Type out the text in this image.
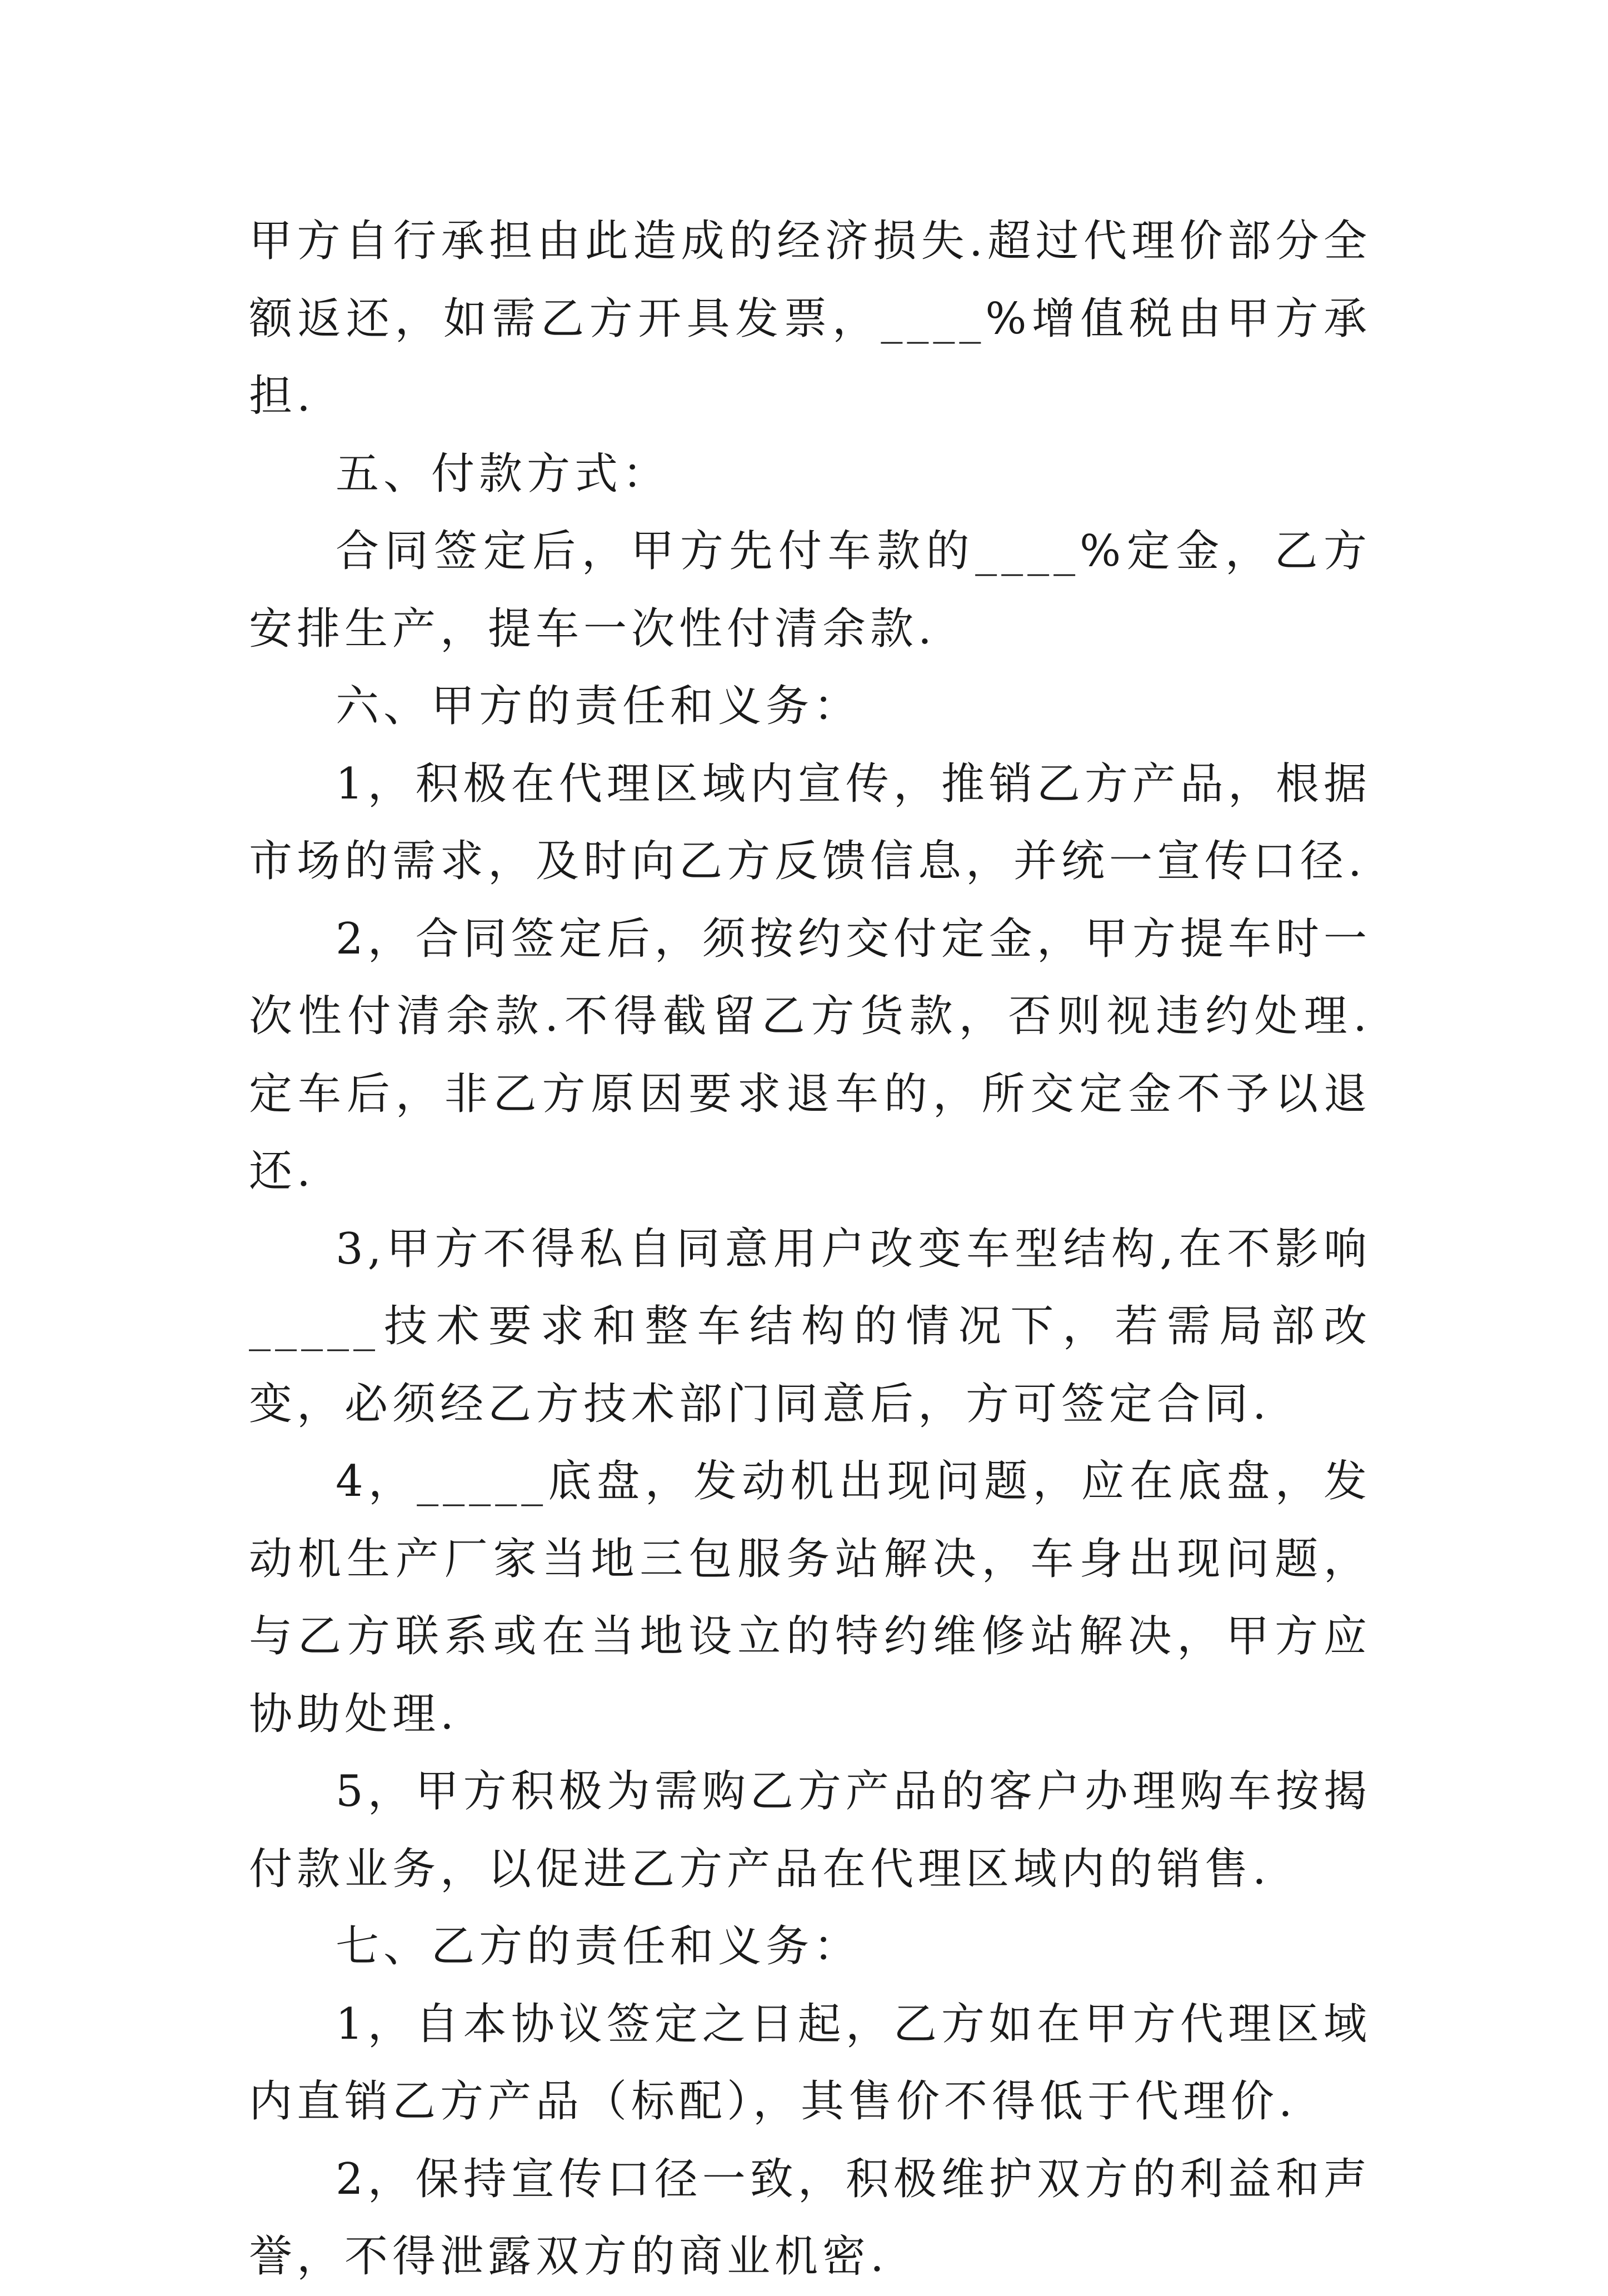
甲方自行承担由此造成的经济损失.超过代理价部分全额返还，如需乙方开具发票，____%增值税由甲方承担.

五、付款方式：

合同签定后，甲方先付车款的____%定金，乙方安排生产，提车一次性付清余款.

六、甲方的责任和义务：

1，积极在代理区域内宣传，推销乙方产品，根据市场的需求，及时向乙方反馈信息，并统一宣传口径.

2，合同签定后，须按约交付定金，甲方提车时一次性付清余款.不得截留乙方货款，否则视违约处理.定车后，非乙方原因要求退车的，所交定金不予以退还.

3,甲方不得私自同意用户改变车型结构,在不影响_____技术要求和整车结构的情况下，若需局部改变，必须经乙方技术部门同意后，方可签定合同.

4，_____底盘，发动机出现问题，应在底盘，发动机生产厂家当地三包服务站解决，车身出现问题，与乙方联系或在当地设立的特约维修站解决，甲方应协助处理.

5，甲方积极为需购乙方产品的客户办理购车按揭付款业务，以促进乙方产品在代理区域内的销售.

七、乙方的责任和义务：

1，自本协议签定之日起，乙方如在甲方代理区域内直销乙方产品（标配），其售价不得低于代理价.

2，保持宣传口径一致，积极维护双方的利益和声誉，不得泄露双方的商业机密.
